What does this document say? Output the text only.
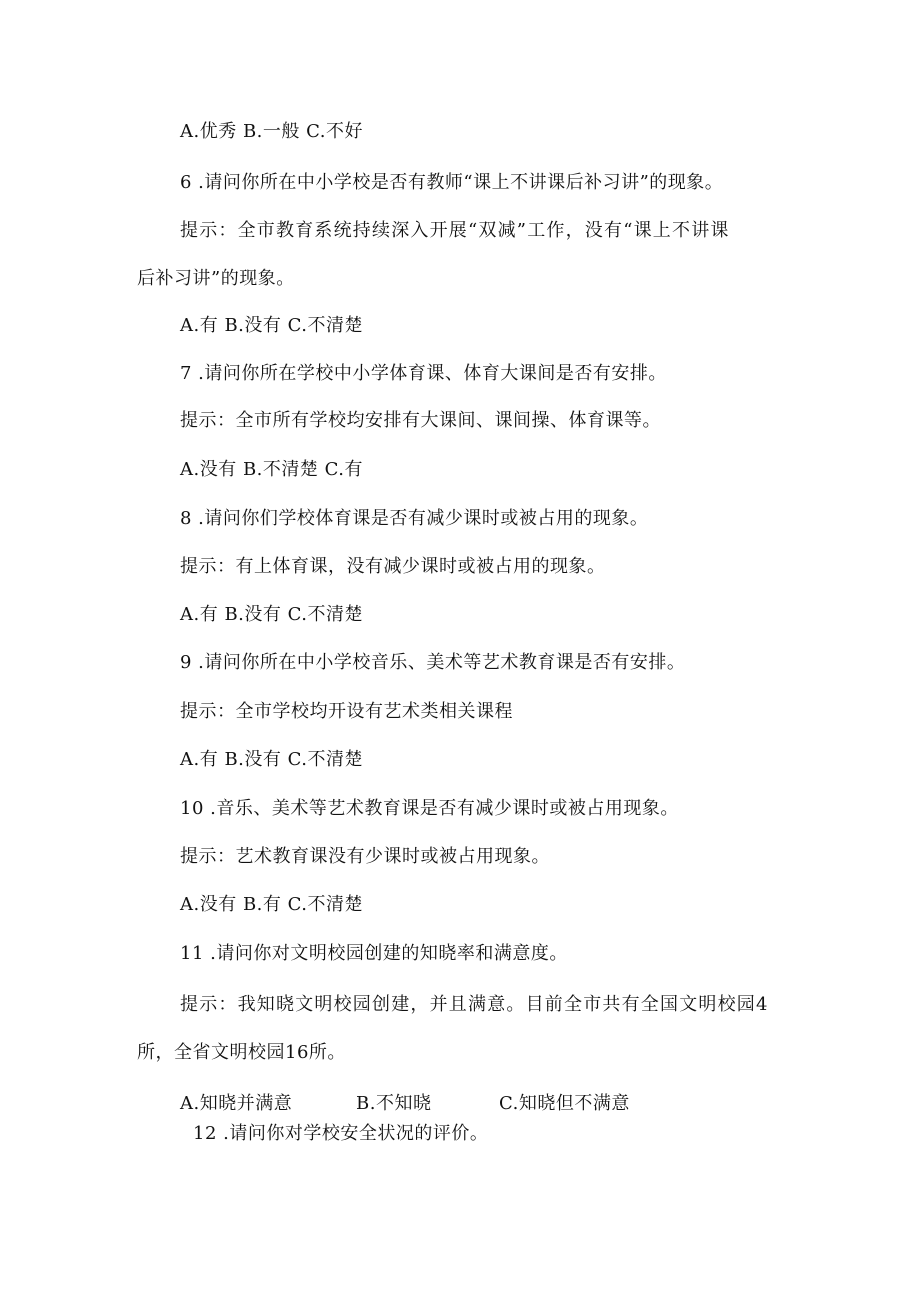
A.优秀 B.一般 C.不好
6 .请问你所在中小学校是否有教师“课上不讲课后补习讲”的现象。
提示：全市教育系统持续深入开展“双减”工作，没有“课上不讲课
后补习讲”的现象。
A.有 B.没有 C.不清楚
7 .请问你所在学校中小学体育课、体育大课间是否有安排。
提示：全市所有学校均安排有大课间、课间操、体育课等。
A.没有 B.不清楚 C.有
8 .请问你们学校体育课是否有减少课时或被占用的现象。
提示：有上体育课，没有减少课时或被占用的现象。
A.有 B.没有 C.不清楚
9 .请问你所在中小学校音乐、美术等艺术教育课是否有安排。
提示：全市学校均开设有艺术类相关课程
A.有 B.没有 C.不清楚
10 .音乐、美术等艺术教育课是否有减少课时或被占用现象。
提示：艺术教育课没有少课时或被占用现象。
A.没有 B.有 C.不清楚
11 .请问你对文明校园创建的知晓率和满意度。
提示：我知晓文明校园创建，并且满意。目前全市共有全国文明校园4
所，全省文明校园16所。
A.知晓并满意	B.不知晓	C.知晓但不满意
12 .请问你对学校安全状况的评价。
